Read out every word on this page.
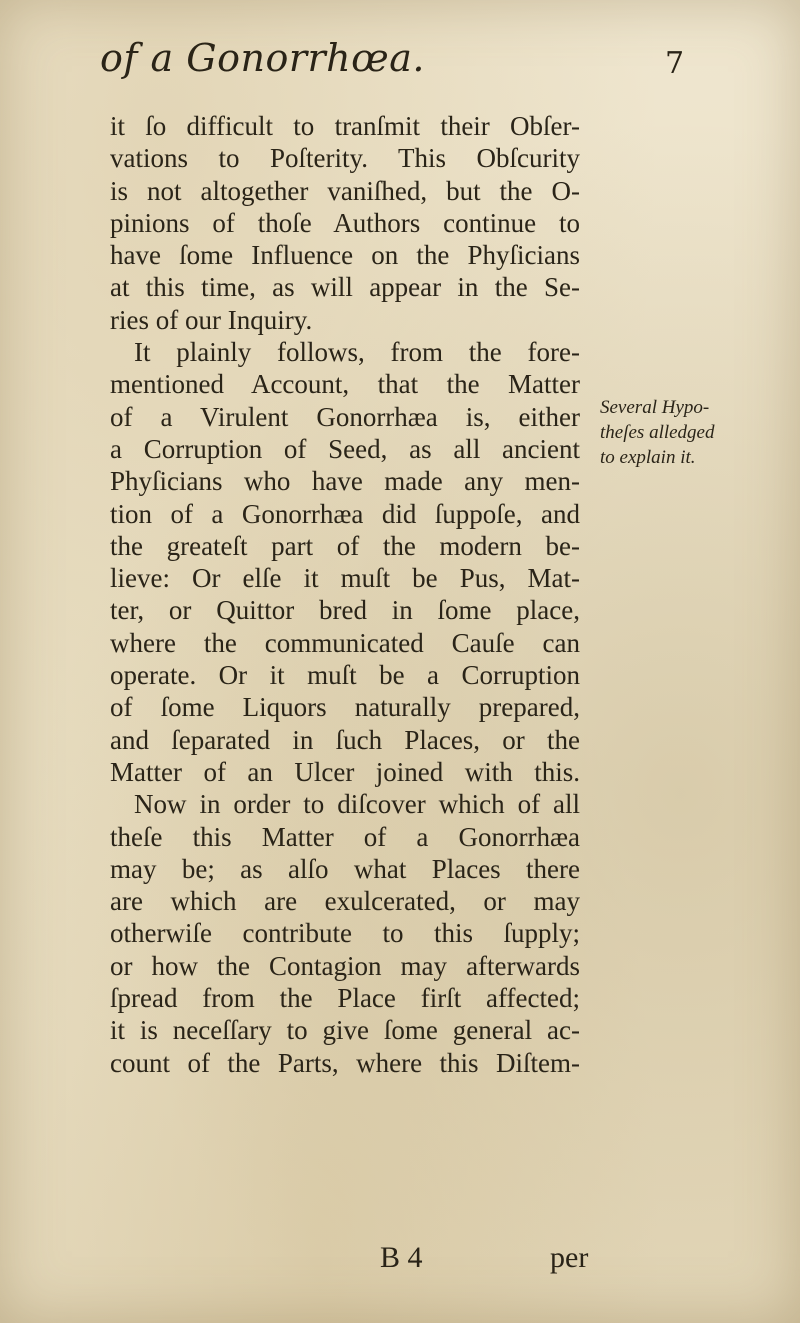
of a Gonorrhœa.	7
it ſo difficult to tranſmit their Obſer-
vations to Poſterity. This Obſcurity
is not altogether vaniſhed, but the O-
pinions of thoſe Authors continue to
have ſome Influence on the Phyſicians
at this time, as will appear in the Se-
ries of our Inquiry.
It plainly follows, from the fore-
mentioned Account, that the Matter
of a Virulent Gonorrhæa is, either
a Corruption of Seed, as all ancient
Phyſicians who have made any men-
tion of a Gonorrhæa did ſuppoſe, and
the greateſt part of the modern be-
lieve: Or elſe it muſt be Pus, Mat-
ter, or Quittor bred in ſome place,
where the communicated Cauſe can
operate. Or it muſt be a Corruption
of ſome Liquors naturally prepared,
and ſeparated in ſuch Places, or the
Matter of an Ulcer joined with this.
Now in order to diſcover which of all
theſe this Matter of a Gonorrhæa
may be; as alſo what Places there
are which are exulcerated, or may
otherwiſe contribute to this ſupply;
or how the Contagion may afterwards
ſpread from the Place firſt affected;
it is neceſſary to give ſome general ac-
count of the Parts, where this Diſtem-
Several Hypo-
theſes alledged
to explain it.
B 4	per
